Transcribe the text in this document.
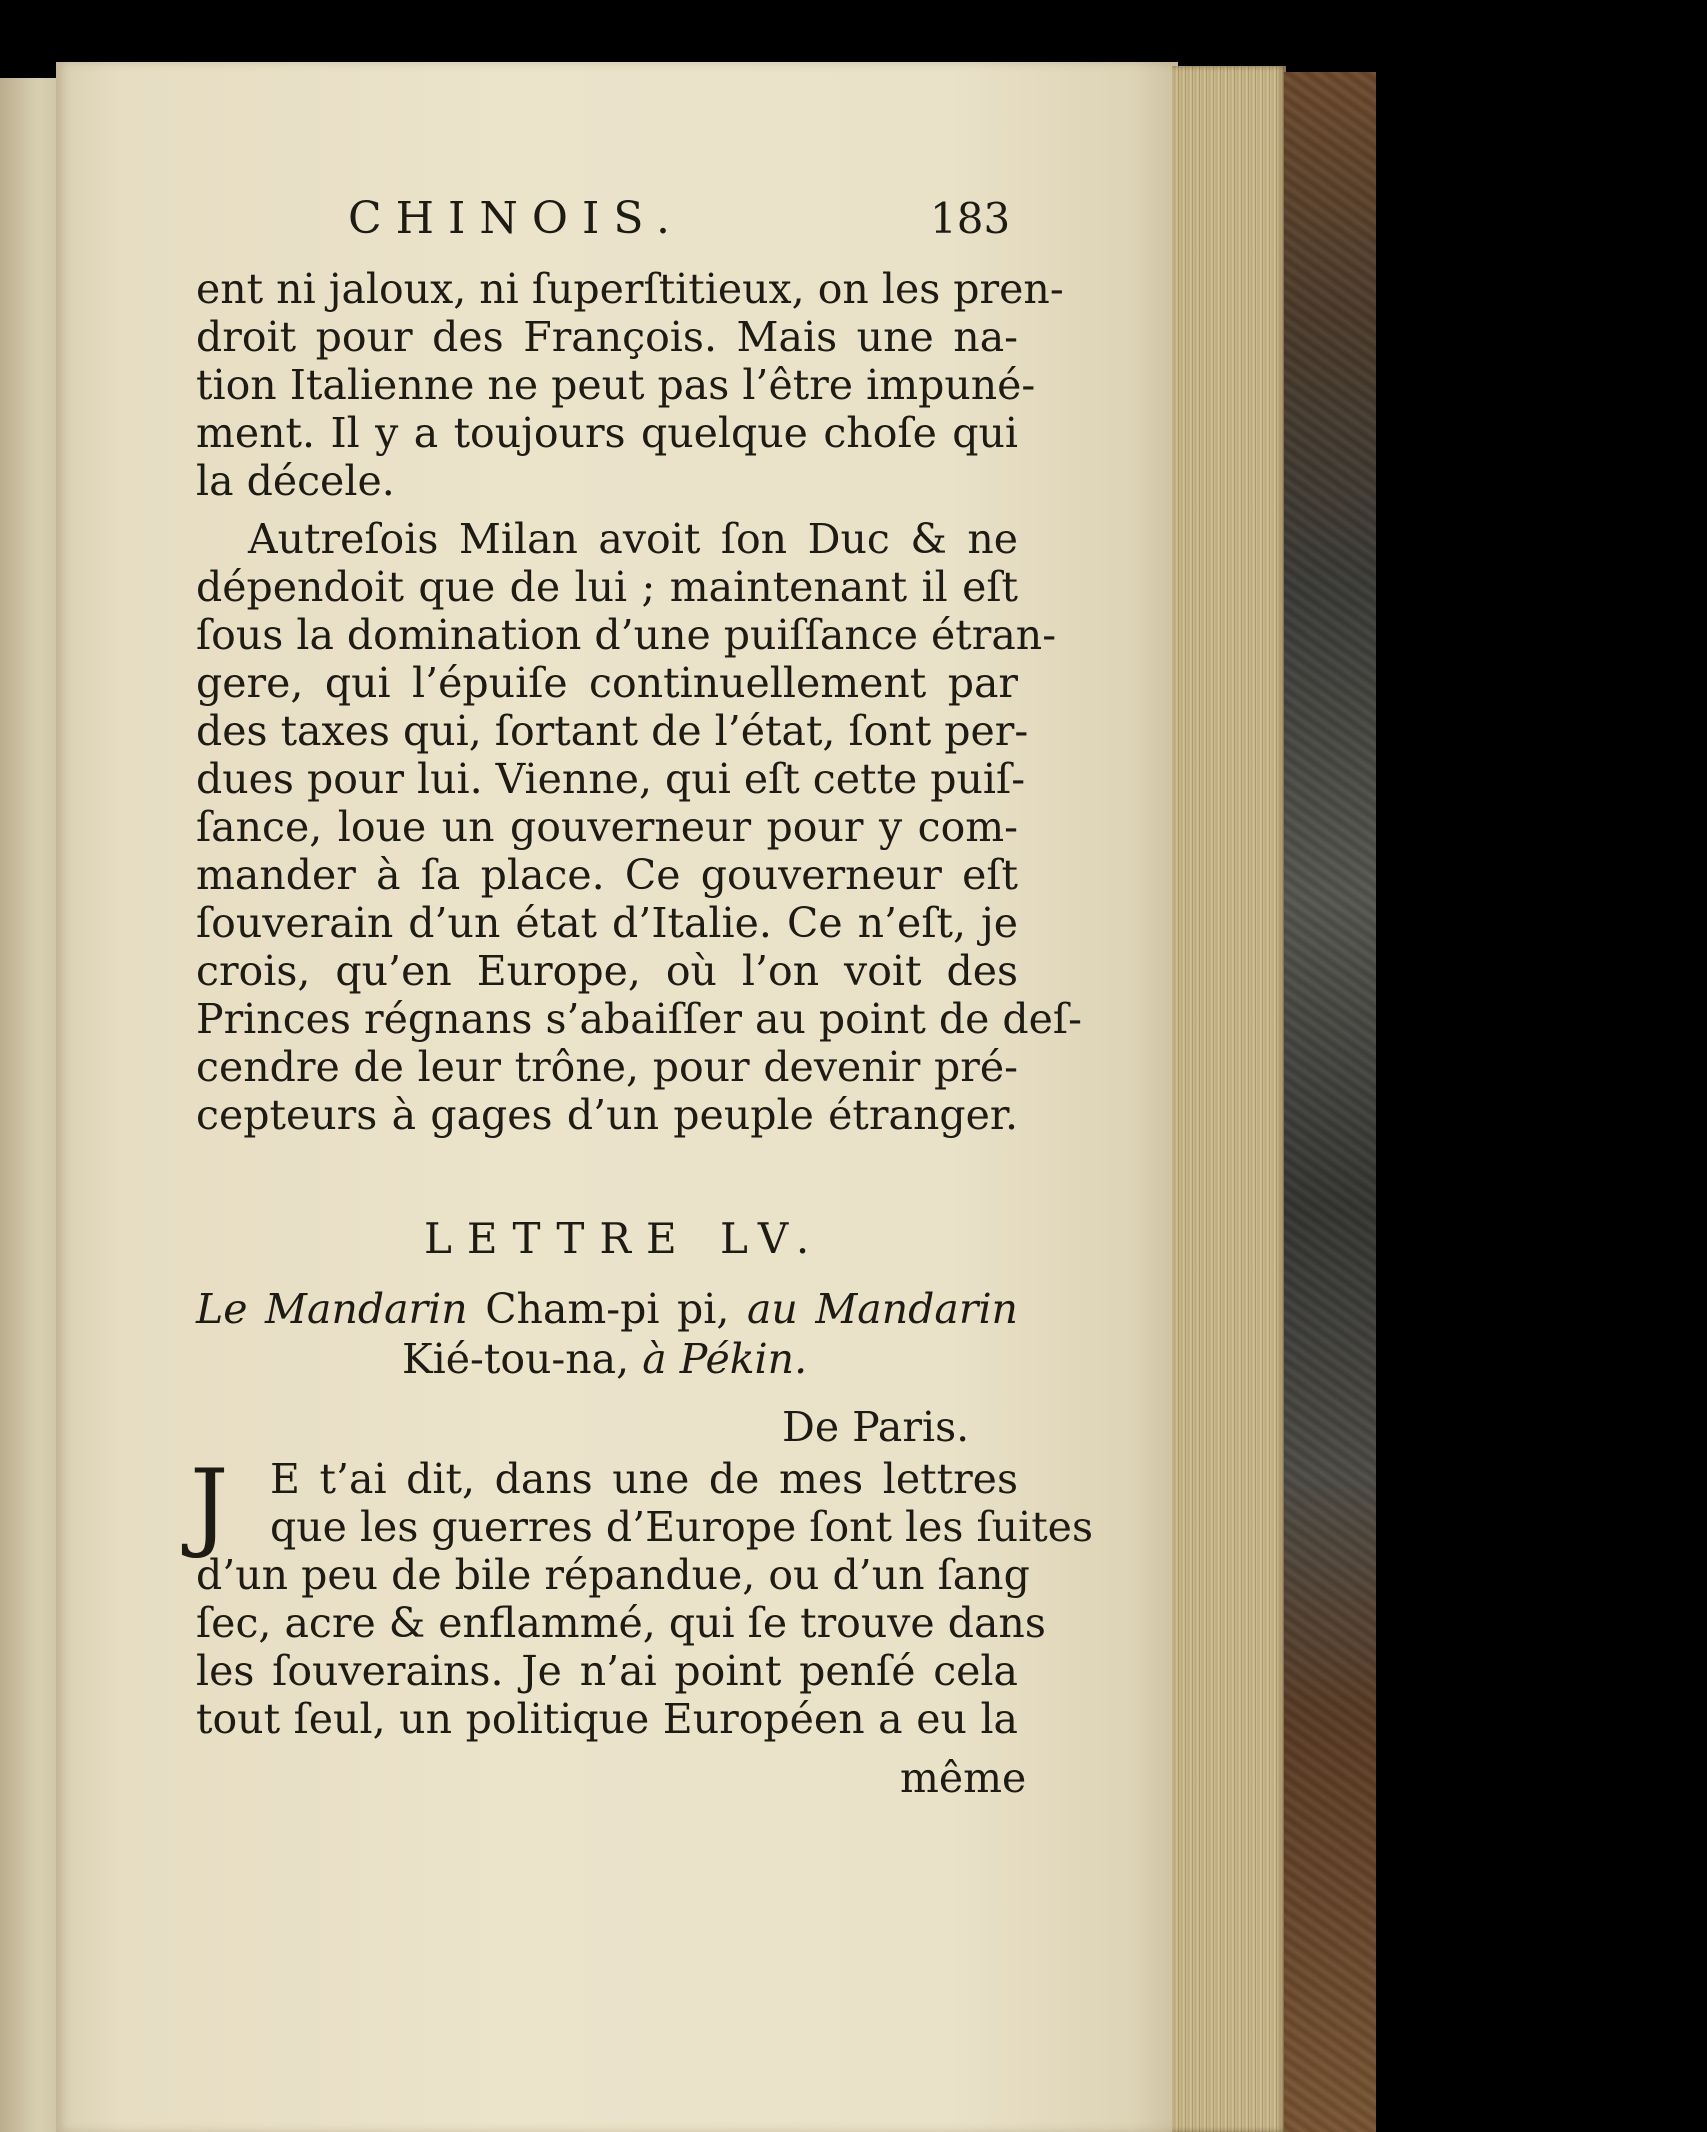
CHINOIS.	183

ent ni jaloux, ni ſuperſtitieux, on les pren-

droit pour des François. Mais une na-

tion Italienne ne peut pas l’être impuné-

ment. Il y a toujours quelque choſe qui

la décele.

Autreſois Milan avoit ſon Duc & ne

dépendoit que de lui ; maintenant il eſt

ſous la domination d’une puiſſance étran-

gere, qui l’épuiſe continuellement par

des taxes qui, ſortant de l’état, ſont per-

dues pour lui. Vienne, qui eſt cette puiſ-

ſance, loue un gouverneur pour y com-

mander à ſa place. Ce gouverneur eſt

ſouverain d’un état d’Italie. Ce n’eſt, je

crois, qu’en Europe, où l’on voit des

Princes régnans s’abaiſſer au point de deſ-

cendre de leur trône, pour devenir pré-

cepteurs à gages d’un peuple étranger.

LETTRE LV.

Le Mandarin Cham-pi pi, au Mandarin

Kié-tou-na, à Pékin.

De Paris.

J E t’ai dit, dans une de mes lettres

que les guerres d’Europe ſont les ſuites

d’un peu de bile répandue, ou d’un ſang

ſec, acre & enflammé, qui ſe trouve dans

les ſouverains. Je n’ai point penſé cela

tout ſeul, un politique Européen a eu la

même
